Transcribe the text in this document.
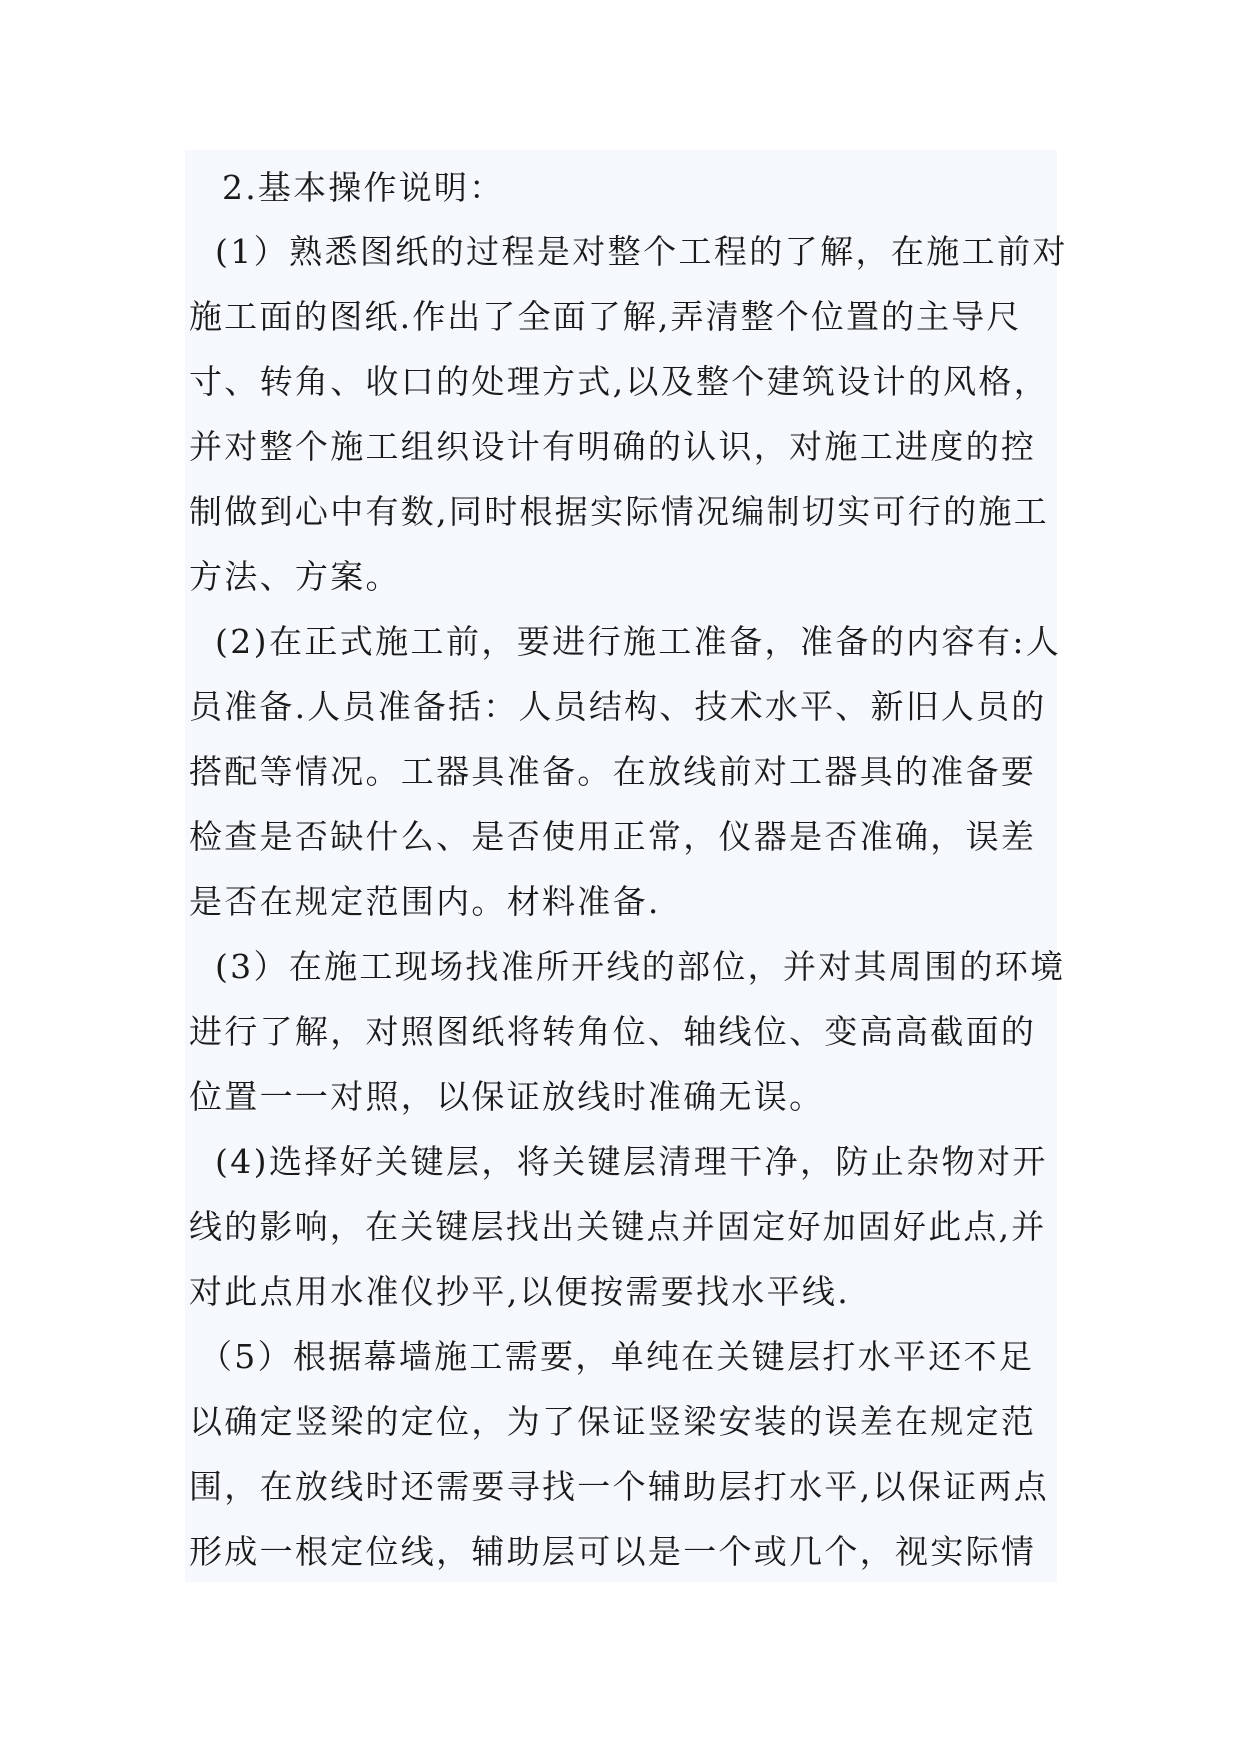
2.基本操作说明：
(1）熟悉图纸的过程是对整个工程的了解，在施工前对
施工面的图纸.作出了全面了解,弄清整个位置的主导尺
寸、转角、收口的处理方式,以及整个建筑设计的风格，
并对整个施工组织设计有明确的认识，对施工进度的控
制做到心中有数,同时根据实际情况编制切实可行的施工
方法、方案。
(2)在正式施工前，要进行施工准备，准备的内容有:人
员准备.人员准备括：人员结构、技术水平、新旧人员的
搭配等情况。工器具准备。在放线前对工器具的准备要
检查是否缺什么、是否使用正常，仪器是否准确，误差
是否在规定范围内。材料准备.
(3）在施工现场找准所开线的部位，并对其周围的环境
进行了解，对照图纸将转角位、轴线位、变高高截面的
位置一一对照，以保证放线时准确无误。
(4)选择好关键层，将关键层清理干净，防止杂物对开
线的影响，在关键层找出关键点并固定好加固好此点,并
对此点用水准仪抄平,以便按需要找水平线.
（5）根据幕墙施工需要，单纯在关键层打水平还不足
以确定竖梁的定位，为了保证竖梁安装的误差在规定范
围，在放线时还需要寻找一个辅助层打水平,以保证两点
形成一根定位线，辅助层可以是一个或几个，视实际情
